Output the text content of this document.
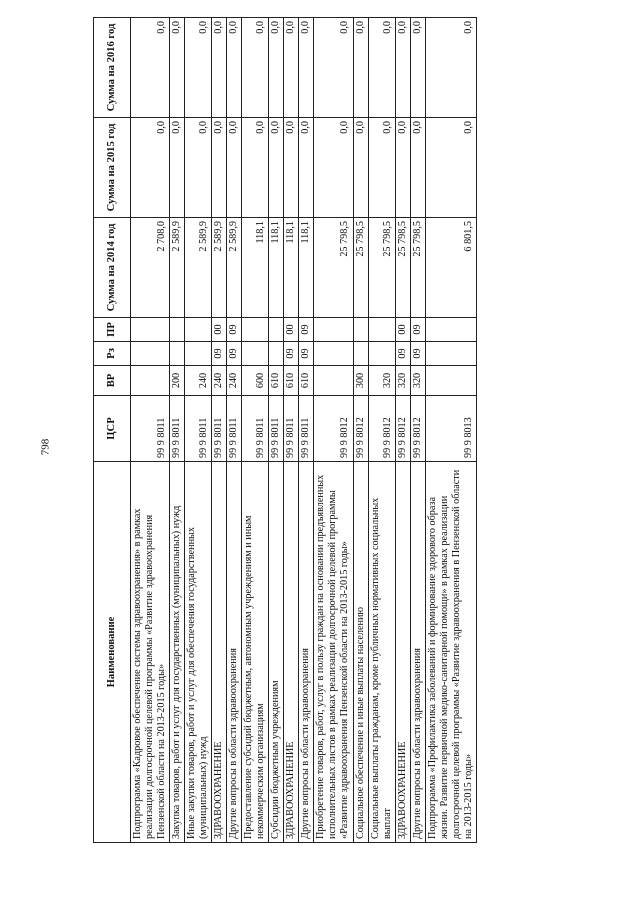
798
Наименование	ЦСР	ВР	Рз	ПР	Сумма на 2014 год	Сумма на 2015 год	Сумма на 2016 год
Подпрограмма «Кадровое обеспечение системы здравоохранения» в рамках реализации долгосрочной целевой программы «Развитие здравоохранения Пензенской области на 2013-2015 годы»	99 9 8011				2 708,0	0,0	0,0
Закупка товаров, работ и услуг для государственных (муниципальных) нужд	99 9 8011	200			2 589,9	0,0	0,0
Иные закупки товаров, работ и услуг для обеспечения государственных (муниципальных) нужд	99 9 8011	240			2 589,9	0,0	0,0
ЗДРАВООХРАНЕНИЕ	99 9 8011	240	09	00	2 589,9	0,0	0,0
Другие вопросы в области здравоохранения	99 9 8011	240	09	09	2 589,9	0,0	0,0
Предоставление субсидий бюджетным, автономным учреждениям и иным некоммерческим организациям	99 9 8011	600			118,1	0,0	0,0
Субсидии бюджетным учреждениям	99 9 8011	610			118,1	0,0	0,0
ЗДРАВООХРАНЕНИЕ	99 9 8011	610	09	00	118,1	0,0	0,0
Другие вопросы в области здравоохранения	99 9 8011	610	09	09	118,1	0,0	0,0
Приобретение товаров, работ, услуг в пользу граждан на основании предъявленных исполнительных листов в рамках реализации долгосрочной целевой программы «Развитие здравоохранения Пензенской области на 2013-2015 годы»	99 9 8012				25 798,5	0,0	0,0
Социальное обеспечение и иные выплаты населению	99 9 8012	300			25 798,5	0,0	0,0
Социальные выплаты гражданам, кроме публичных нормативных социальных выплат	99 9 8012	320			25 798,5	0,0	0,0
ЗДРАВООХРАНЕНИЕ	99 9 8012	320	09	00	25 798,5	0,0	0,0
Другие вопросы в области здравоохранения	99 9 8012	320	09	09	25 798,5	0,0	0,0
Подпрограмма «Профилактика заболеваний и формирование здорового образа жизни. Развитие первичной медико-санитарной помощи» в рамках реализации долгосрочной целевой программы «Развитие здравоохранения в Пензенской области на 2013-2015 годы»	99 9 8013				6 801,5	0,0	0,0
